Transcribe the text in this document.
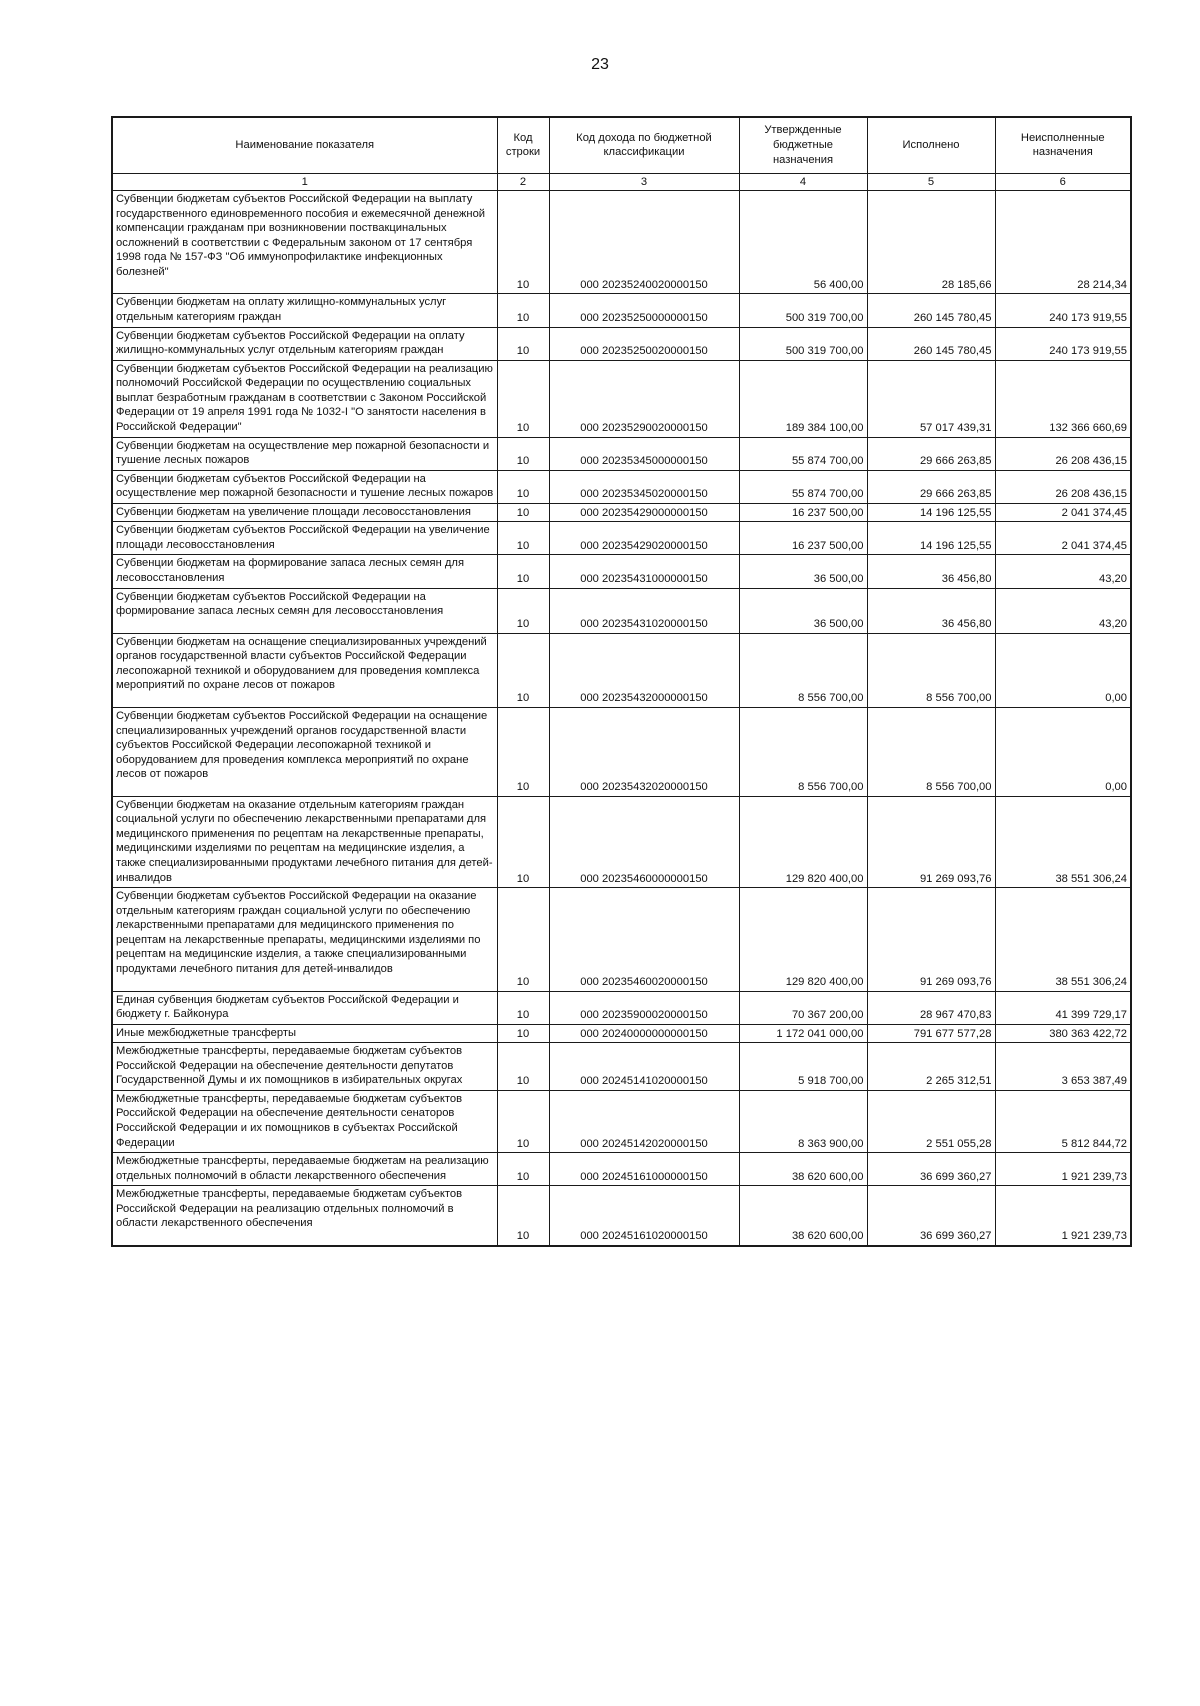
23
Наименование показателя	Код строки	Код дохода по бюджетной классификации	Утвержденные бюджетные назначения	Исполнено	Неисполненные назначения
1	2	3	4	5	6
Субвенции бюджетам субъектов Российской Федерации на выплату государственного единовременного пособия и ежемесячной денежной компенсации гражданам при возникновении поствакцинальных осложнений в соответствии с Федеральным законом от 17 сентября 1998 года № 157-ФЗ "Об иммунопрофилактике инфекционных болезней"	10	000 20235240020000150	56 400,00	28 185,66	28 214,34
Субвенции бюджетам на оплату жилищно-коммунальных услуг отдельным категориям граждан	10	000 20235250000000150	500 319 700,00	260 145 780,45	240 173 919,55
Субвенции бюджетам субъектов Российской Федерации на оплату жилищно-коммунальных услуг отдельным категориям граждан	10	000 20235250020000150	500 319 700,00	260 145 780,45	240 173 919,55
Субвенции бюджетам субъектов Российской Федерации на реализацию полномочий Российской Федерации по осуществлению социальных выплат безработным гражданам в соответствии с Законом Российской Федерации от 19 апреля 1991 года № 1032-I "О занятости населения в Российской Федерации"	10	000 20235290020000150	189 384 100,00	57 017 439,31	132 366 660,69
Субвенции бюджетам на осуществление мер пожарной безопасности и тушение лесных пожаров	10	000 20235345000000150	55 874 700,00	29 666 263,85	26 208 436,15
Субвенции бюджетам субъектов Российской Федерации на осуществление мер пожарной безопасности и тушение лесных пожаров	10	000 20235345020000150	55 874 700,00	29 666 263,85	26 208 436,15
Субвенции бюджетам на увеличение площади лесовосстановления	10	000 20235429000000150	16 237 500,00	14 196 125,55	2 041 374,45
Субвенции бюджетам субъектов Российской Федерации на увеличение площади лесовосстановления	10	000 20235429020000150	16 237 500,00	14 196 125,55	2 041 374,45
Субвенции бюджетам на формирование запаса лесных семян для лесовосстановления	10	000 20235431000000150	36 500,00	36 456,80	43,20
Субвенции бюджетам субъектов Российской Федерации на формирование запаса лесных семян для лесовосстановления	10	000 20235431020000150	36 500,00	36 456,80	43,20
Субвенции бюджетам на оснащение специализированных учреждений органов государственной власти субъектов Российской Федерации лесопожарной техникой и оборудованием для проведения комплекса мероприятий по охране лесов от пожаров	10	000 20235432000000150	8 556 700,00	8 556 700,00	0,00
Субвенции бюджетам субъектов Российской Федерации на оснащение специализированных учреждений органов государственной власти субъектов Российской Федерации лесопожарной техникой и оборудованием для проведения комплекса мероприятий по охране лесов от пожаров	10	000 20235432020000150	8 556 700,00	8 556 700,00	0,00
Субвенции бюджетам на оказание отдельным категориям граждан социальной услуги по обеспечению лекарственными препаратами для медицинского применения по рецептам на лекарственные препараты, медицинскими изделиями по рецептам на медицинские изделия, а также специализированными продуктами лечебного питания для детей-инвалидов	10	000 20235460000000150	129 820 400,00	91 269 093,76	38 551 306,24
Субвенции бюджетам субъектов Российской Федерации на оказание отдельным категориям граждан социальной услуги по обеспечению лекарственными препаратами для медицинского применения по рецептам на лекарственные препараты, медицинскими изделиями по рецептам на медицинские изделия, а также специализированными продуктами лечебного питания для детей-инвалидов	10	000 20235460020000150	129 820 400,00	91 269 093,76	38 551 306,24
Единая субвенция бюджетам субъектов Российской Федерации и бюджету г. Байконура	10	000 20235900020000150	70 367 200,00	28 967 470,83	41 399 729,17
Иные межбюджетные трансферты	10	000 20240000000000150	1 172 041 000,00	791 677 577,28	380 363 422,72
Межбюджетные трансферты, передаваемые бюджетам субъектов Российской Федерации на обеспечение деятельности депутатов Государственной Думы и их помощников в избирательных округах	10	000 20245141020000150	5 918 700,00	2 265 312,51	3 653 387,49
Межбюджетные трансферты, передаваемые бюджетам субъектов Российской Федерации на обеспечение деятельности сенаторов Российской Федерации и их помощников в субъектах Российской Федерации	10	000 20245142020000150	8 363 900,00	2 551 055,28	5 812 844,72
Межбюджетные трансферты, передаваемые бюджетам на реализацию отдельных полномочий в области лекарственного обеспечения	10	000 20245161000000150	38 620 600,00	36 699 360,27	1 921 239,73
Межбюджетные трансферты, передаваемые бюджетам субъектов Российской Федерации на реализацию отдельных полномочий в области лекарственного обеспечения	10	000 20245161020000150	38 620 600,00	36 699 360,27	1 921 239,73
